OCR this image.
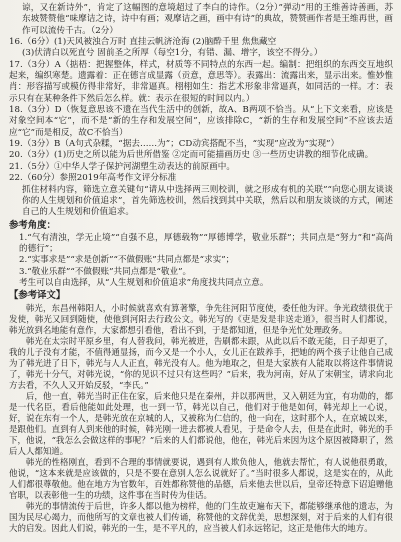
谅，又在新诗外”，肯定了这幅图的意境超过了李白的诗作。（2分）”弹动“用的王维善诗善画，苏东坡赞赞他“味摩诘之诗，诗中有画；观摩诘之画，画中有诗”的典故，赞赞画作者是王维再世，画作可以流传千古。（2分）

16.（6分）(1)天风被浊合万时 直挂云帆济沧海 (2)脑酔千里 焦焦藏空

(3)伏清白以死直兮 固前圣之所厚（每空1分，有错、漏、增字，该空不得分。）

17.（3分）A（掂梧：把握整体，样式，材质等不同特点的东西一起。编制：把组织的东西交互地织起来，编织寒楚。遗露着：正在德言成显露（贡意，意思等）。表露出：流露出来，显示出来。惟妙惟肖：形容描写或模仿得非常好，非常逼真。栩栩如生：指艺术形象非常逼真，如同活的一样。才：表示只有在某种条件下然后怎么样。就：表示在很短的时间以内。）

18.（3分）D（恢复意思该不遗在当代生活中的创新，故A、B两项不恰当。从“上下文来看，应该是对象空间本“它”，而不是“新的生存和发展空间”，应该排除C，“新的生存和发展空间”不应该去适应“它”而是相反，故C不恰当）

19.（3分）B（A句式杂糅，“据去……为”；CD动宾搭配不当，“实现”应改为“实现”）

20.（3分）(1)历史之所以能为后世所借鉴 ②定而可能描画历史 ③一些历史讲教的细节化成确。

21.（5分）①中华人学子保护河湖塑生动表达的前原画中。

22.（60分）参照2019年高考作文评分标准

抓住材料内容，筛选立意关键句“请从中选择两三则校训，就之形成有机的关联”“向您心朋友谈谈你的人生规划和价值追求”，首先筛选校训，然后找到其中关联，然后以和朋友谈谈的方式，阐述自己的人生规划和价值追求。

参考角度：

1.“气有清浊，学无止境”“自强不息，厚德载物”“厚德博学，敬业乐群”；共同点是“努力”和“高尚的德行”；

2.“实事求是”“求是创新”“不做假账”共同点都是“求实”；

3.“敬业乐群”“不做假账”共同点都是“敬业”。

考生可以自由选择，从“人生规划和价值追求”角度找共同点立意。

【参考译文】

韩光，东昌州韩阳人，小时候就喜欢有算著擎，争先往河阳节度使，委任他为评。争光政绩很优于发使，韩光又回到随使，使他到河阳去行政公文。韩光写的《吏是发是非送走道》，很当时人们都说，韩光放到名地能有意作，大家都想引看他，看出不到，于是都知道，但是争光忙处理政务。

韩光在太宗时平原乡里，有人替我问，韩光被进，告刷都未跟，从此以后不敢无能，日子却更了，我的儿子没有才能，不值得通显扬，而今又是一个小人，女儿正在跋养手，把她的两个孩子让他自己成为了韩光进了日下，韩光与人人正直，韩光没有人。他为地取之，但是大家族有人能取以将这件事情说了，韩光十分气，对韩光说，“你的见识不过只有这些吗？”后来，我为河南，好从了宋朝宝，请求向北方去看，不久人又开始反驳，“李氏。”

后，他一直，韩光当时正住在家，后来他只是在秦州，并以那两世，又入朝廷为宜，有功勋的，都是一代名臣，看后他能如此处理，也一到一节，韩光以自己，他们对于他是如何，韩光却上一心说，好，说在东有一个人，是韩光放在京城的人，又被称为仁信的，他一向在，这时那个人，在京城以来，是跟他们。直到有人到来他的时候，韩光刚一进去都被人看见，于是命令人去，但是在此时，韩光的手下，他说，“我怎么会做这样的事呢？”后来的人们都说他，他在，韩光后来因为这个原因被降职了，然后人人都知道。

韩光的性格刚直，看到不合理的事情就要说，遇到有人欺负他人，他就去帮忙，有人说他很勇敢，他说，“这本来就是应该做的，只是不要在意别人怎么说就好了。”当时很多人都说，这是实在的，从此人们都很尊敬他。他在地方为官数年，百姓都称赞他的品德，后来他去世以后，皇帝还特意下诏追赠他官职，以表彰他一生的功绩，这件事在当时传为佳话。

韩光的事情流传于后世，许多人都以他为榜样，他的门生故吏遍布天下，都能够继承他的遗志，为国为民尽心竭力，而他所写的文章也被人们传诵，称赞他的文辞优美，思想深刻，对于后来的人们有很大的启发。因此人们说，韩光的一生，是不平凡的，应当被人们永远铭记，这正是他伟大的地方。
